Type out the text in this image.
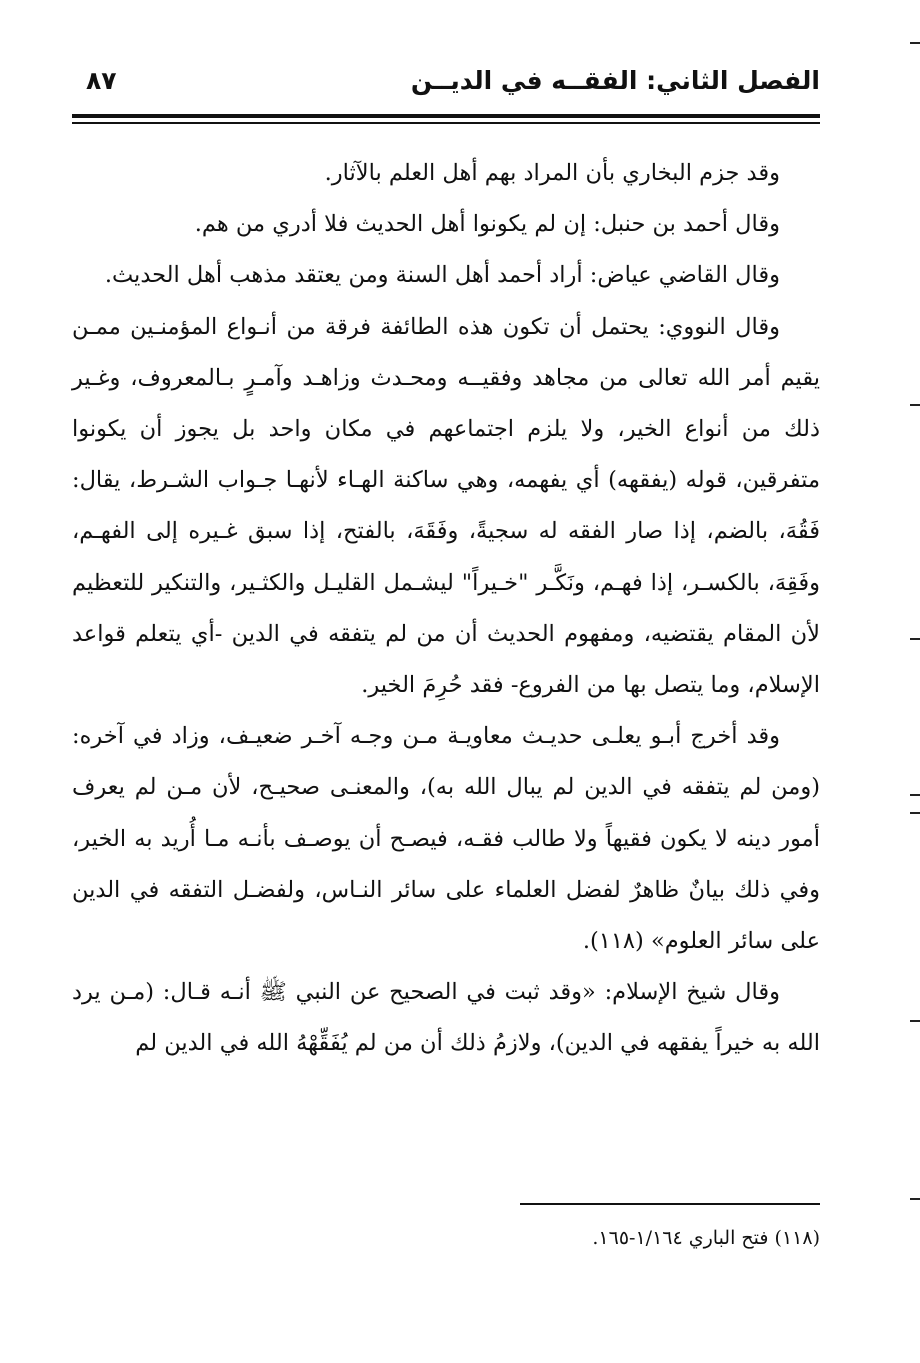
الفصل الثاني: الفقــه في الديــن
٨٧

وقد جزم البخاري بأن المراد بهم أهل العلم بالآثار.

وقال أحمد بن حنبل: إن لم يكونوا أهل الحديث فلا أدري من هم.

وقال القاضي عياض: أراد أحمد أهل السنة ومن يعتقد مذهب أهل الحديث.

وقال النووي: يحتمل أن تكون هذه الطائفة فرقة من أنـواع المؤمنـين ممـن يقيم أمر الله تعالى من مجاهد وفقيــه ومحـدث وزاهـد وآمـرٍ بـالمعروف، وغـير ذلك من أنواع الخير، ولا يلزم اجتماعهم في مكان واحد بل يجوز أن يكونوا متفرقين، قوله (يفقهه) أي يفهمه، وهي ساكنة الهـاء لأنهـا جـواب الشـرط، يقال: فَقُهَ، بالضم، إذا صار الفقه له سجيةً، وفَقَهَ، بالفتح، إذا سبق غـيره إلى الفهـم، وفَقِهَ، بالكسـر، إذا فهـم، ونَكَّـر "خـيراً" ليشـمل القليـل والكثـير، والتنكير للتعظيم لأن المقام يقتضيه، ومفهوم الحديث أن من لم يتفقه في الدين -أي يتعلم قواعد الإسلام، وما يتصل بها من الفروع- فقد حُرِمَ الخير.

وقد أخرج أبـو يعلـى حديـث معاويـة مـن وجـه آخـر ضعيـف، وزاد في آخره: (ومن لم يتفقه في الدين لم يبال الله به)، والمعنـى صحيـح، لأن مـن لم يعرف أمور دينه لا يكون فقيهاً ولا طالب فقـه، فيصـح أن يوصـف بأنـه مـا أُريد به الخير، وفي ذلك بيانٌ ظاهرٌ لفضل العلماء على سائر النـاس، ولفضـل التفقه في الدين على سائر العلوم» (١١٨).

وقال شيخ الإسلام: «وقد ثبت في الصحيح عن النبي ﷺ أنـه قـال: (مـن يرد الله به خيراً يفقهه في الدين)، ولازمُ ذلك أن من لم يُفَقِّهْهُ الله في الدين لم

(١١٨) فتح الباري ١/١٦٤-١٦٥.
